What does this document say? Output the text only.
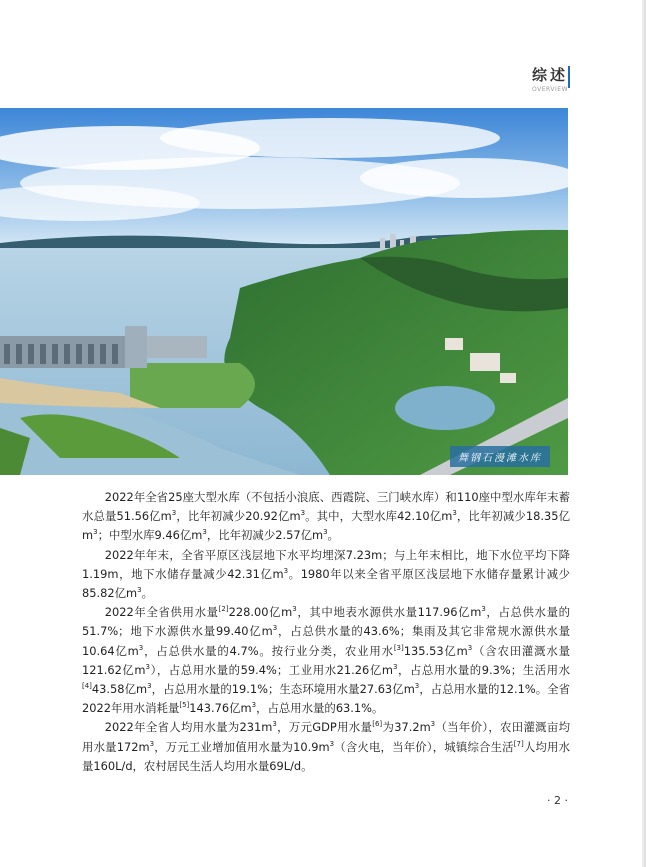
综述
OVERVIEW
舞钢石漫滩水库

2022年全省25座大型水库（不包括小浪底、西霞院、三门峡水库）和110座中型水库年末蓄水总量51.56亿$m^3$，比年初减少20.92亿$m^3$。其中，大型水库42.10亿$m^3$，比年初减少18.35亿$m^3$；中型水库9.46亿$m^3$，比年初减少2.57亿$m^3$。

2022年年末，全省平原区浅层地下水平均埋深7.23m；与上年末相比，地下水位平均下降1.19m，地下水储存量减少42.31亿$m^3$。1980年以来全省平原区浅层地下水储存量累计减少85.82亿$m^3$。

2022年全省供用水量[2]228.00亿$m^3$，其中地表水源供水量117.96亿$m^3$，占总供水量的51.7%；地下水源供水量99.40亿$m^3$，占总供水量的43.6%；集雨及其它非常规水源供水量10.64亿$m^3$，占总供水量的4.7%。按行业分类，农业用水[3]135.53亿$m^3$（含农田灌溉水量121.62亿$m^3$），占总用水量的59.4%；工业用水21.26亿$m^3$，占总用水量的9.3%；生活用水[4]43.58亿$m^3$，占总用水量的19.1%；生态环境用水量27.63亿$m^3$，占总用水量的12.1%。全省2022年用水消耗量[5]143.76亿$m^3$，占总用水量的63.1%。

2022年全省人均用水量为$231m^3$，万元GDP用水量[6]为$37.2m^3$（当年价），农田灌溉亩均用水量$172m^3$，万元工业增加值用水量为$10.9m^3$（含火电，当年价），城镇综合生活[7]人均用水量160L/d，农村居民生活人均用水量69L/d。

· 2 ·
